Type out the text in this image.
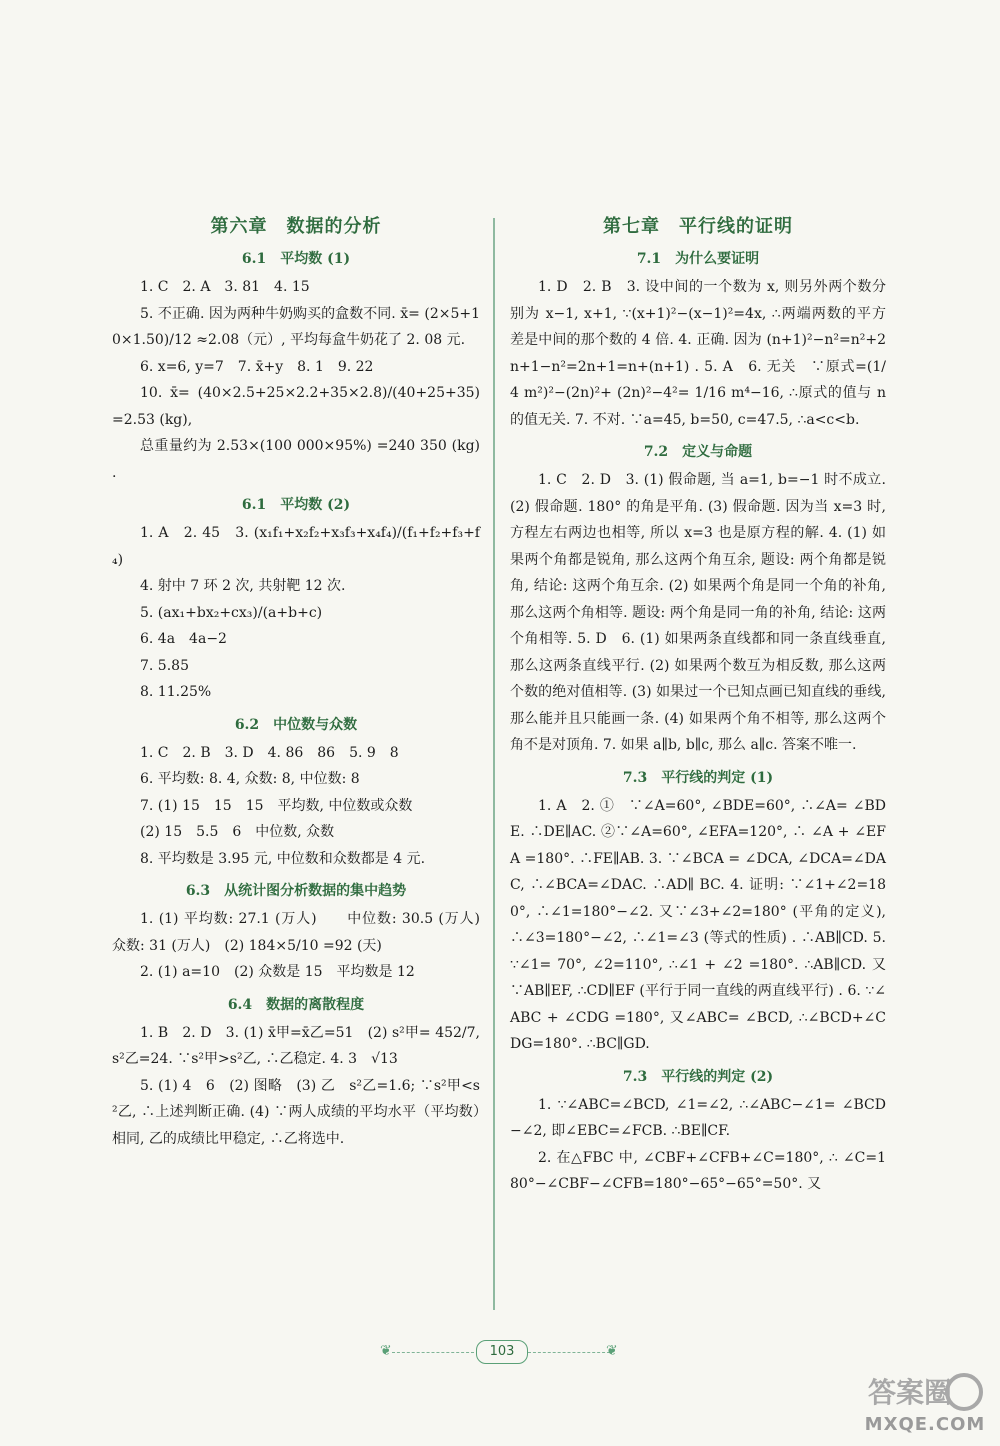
第六章　数据的分析
6.1　平均数 (1)
1. C　2. A　3. 81　4. 15
5. 不正确. 因为两种牛奶购买的盒数不同. x̄= (2×5+10×1.50)/12 ≈2.08（元）, 平均每盒牛奶花了 2. 08 元.
6. x=6, y=7　7. x̄+y　8. 1　9. 22
10. x̄= (40×2.5+25×2.2+35×2.8)/(40+25+35) =2.53 (kg),
总重量约为 2.53×(100 000×95%) =240 350 (kg) .
6.1　平均数 (2)
1. A　2. 45　3. (x₁f₁+x₂f₂+x₃f₃+x₄f₄)/(f₁+f₂+f₃+f₄)
4. 射中 7 环 2 次, 共射靶 12 次.
5. (ax₁+bx₂+cx₃)/(a+b+c)
6. 4a　4a−2
7. 5.85
8. 11.25%
6.2　中位数与众数
1. C　2. B　3. D　4. 86　86　5. 9　8
6. 平均数: 8. 4, 众数: 8, 中位数: 8
7. (1) 15　15　15　平均数, 中位数或众数
(2) 15　5.5　6　中位数, 众数
8. 平均数是 3.95 元, 中位数和众数都是 4 元.
6.3　从统计图分析数据的集中趋势
1. (1) 平均数: 27.1 (万人)　　中位数: 30.5 (万人)　　众数: 31 (万人)　(2) 184×5/10 =92 (天)
2. (1) a=10　(2) 众数是 15　平均数是 12
6.4　数据的离散程度
1. B　2. D　3. (1) x̄甲=x̄乙=51　(2) s²甲= 452/7, s²乙=24. ∵s²甲>s²乙, ∴乙稳定. 4. 3　√13
5. (1) 4　6　(2) 图略　(3) 乙　s²乙=1.6; ∵s²甲<s²乙, ∴上述判断正确. (4) ∵两人成绩的平均水平（平均数）相同, 乙的成绩比甲稳定, ∴乙将选中.
第七章　平行线的证明
7.1　为什么要证明
1. D　2. B　3. 设中间的一个数为 x, 则另外两个数分别为 x−1, x+1, ∵(x+1)²−(x−1)²=4x, ∴两端两数的平方差是中间的那个数的 4 倍. 4. 正确. 因为 (n+1)²−n²=n²+2n+1−n²=2n+1=n+(n+1) . 5. A　6. 无关　∵原式=(1/4 m²)²−(2n)²+ (2n)²−4²= 1/16 m⁴−16, ∴原式的值与 n 的值无关. 7. 不对. ∵a=45, b=50, c=47.5, ∴a<c<b.
7.2　定义与命题
1. C　2. D　3. (1) 假命题, 当 a=1, b=−1 时不成立. (2) 假命题. 180° 的角是平角. (3) 假命题. 因为当 x=3 时, 方程左右两边也相等, 所以 x=3 也是原方程的解. 4. (1) 如果两个角都是锐角, 那么这两个角互余, 题设: 两个角都是锐角, 结论: 这两个角互余. (2) 如果两个角是同一个角的补角, 那么这两个角相等. 题设: 两个角是同一角的补角, 结论: 这两个角相等. 5. D　6. (1) 如果两条直线都和同一条直线垂直, 那么这两条直线平行. (2) 如果两个数互为相反数, 那么这两个数的绝对值相等. (3) 如果过一个已知点画已知直线的垂线, 那么能并且只能画一条. (4) 如果两个角不相等, 那么这两个角不是对顶角. 7. 如果 a∥b, b∥c, 那么 a∥c. 答案不唯一.
7.3　平行线的判定 (1)
1. A　2. ①　∵∠A=60°, ∠BDE=60°, ∴∠A= ∠BDE. ∴DE∥AC. ②∵∠A=60°, ∠EFA=120°, ∴ ∠A + ∠EFA =180°. ∴FE∥AB. 3. ∵∠BCA = ∠DCA, ∠DCA=∠DAC, ∴∠BCA=∠DAC. ∴AD∥ BC. 4. 证明: ∵∠1+∠2=180°, ∴∠1=180°−∠2. 又∵∠3+∠2=180° (平角的定义), ∴∠3=180°−∠2, ∴∠1=∠3 (等式的性质) . ∴AB∥CD. 5. ∵∠1= 70°, ∠2=110°, ∴∠1 + ∠2 =180°. ∴AB∥CD. 又 ∵AB∥EF, ∴CD∥EF (平行于同一直线的两直线平行) . 6. ∵∠ABC + ∠CDG =180°, 又∠ABC= ∠BCD, ∴∠BCD+∠CDG=180°. ∴BC∥GD.
7.3　平行线的判定 (2)
1. ∵∠ABC=∠BCD, ∠1=∠2, ∴∠ABC−∠1= ∠BCD−∠2, 即∠EBC=∠FCB. ∴BE∥CF.
2. 在△FBC 中, ∠CBF+∠CFB+∠C=180°, ∴ ∠C=180°−∠CBF−∠CFB=180°−65°−65°=50°. 又
❦	103	❦
答案圈
MXQE.COM
